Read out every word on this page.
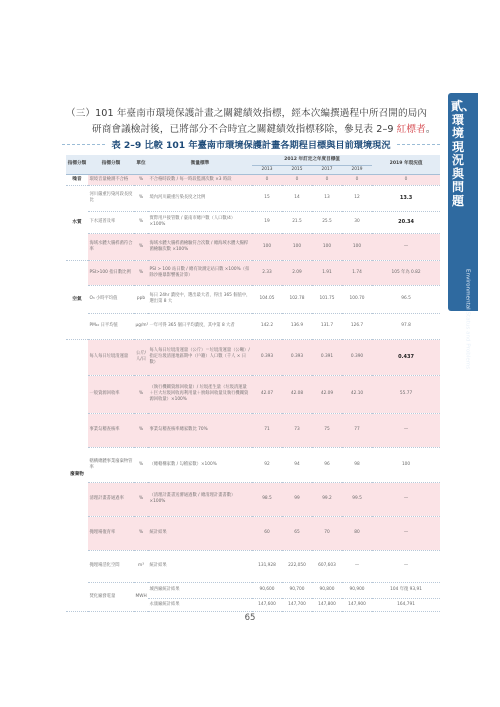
（三）101 年臺南市環境保護計畫之關鍵績效指標，經本次編撰過程中所召開的局內

研商會議檢討後，已將部分不合時宜之關鍵績效指標移除，參見表 2–9 紅標者。
表 2–9 比較 101 年臺南市環境保護計畫各期程目標與目前環境現況
貳、環境現況與問題
Environmental Status and Problems
指標分類	指標分類	單位	衡量標準	2012 年訂定之年度目標值				2019 年現況值
				2013	2015	2017	2019	
噪音	環境音量檢測不合格	%	不合格時段數 / 每一時段監測次數 ×3 時段	0	0	0	0	0
水質	河川嚴重污染河段長度比	%	境內河川嚴重污染長度之比例	15	14	13	12	13.3
	下水道普及率	%	實際用戶接管數 / 臺南市總戶數（人口數/4）×100%	19	21.5	25.5	30	20.34
	海域水體大腸桿菌符合率	%	海域水體大腸桿菌檢驗符合次數 / 總海域水體大腸桿菌檢驗次數 ×100%	100	100	100	100	—
空氣	PSI>100 指日數比例	%	PSI > 100 站日數 / 總有效測定站日數 ×100%（扣除沙塵暴影響後計算）	2.33	2.09	1.91	1.74	105 年為 0.82
	O₃ 小時平均值	ppb	每日 24hr 濃度中，選出最大者，得出 365 個值中，選出第 8 大	104.05	102.78	101.75	100.70	96.5
	PM₁₀ 日平均值	μg/m³	一年可得 365 個日平均濃度，其中第 8 大者	142.2	136.9	131.7	126.7	97.8
廢棄物	每人每日垃圾清運量	公斤/人/日	每人每日垃圾清運量（公斤）＝垃圾清運量（公噸）/ 指定垃圾清運地區期中（戶籍）人口數（千人 × 日數）	0.393	0.393	0.391	0.390	0.437
	一般資源回收率	%	（執行機關資源回收量）/ 垃圾產生量（垃圾清運量＋巨大垃圾回收再利用量＋廚餘回收量及執行機關資源回收量）×100%	42.07	42.08	42.09	42.10	55.77
	事業勾稽查核率	%	事業勾稽查核率總家數比 70%	71	73	75	77	—
	轄構總體事業廢棄物管率	%	（總轄構家數 / 勾稽家數）×100%	92	94	96	98	100
	清理計畫書通過率	%	（清理計畫書送審通過數 / 總清理計畫書數）×100%	98.5	99	99.2	99.5	—
	掩埋場復育率	%	統計結果	60	65	70	80	—
	掩埋場活化空間	m³	統計結果	131,928	222,050	607,603	—	—
	焚化廠發電量	MWH	城西廠統計結果	90,600	90,700	90,800	90,900	104 年復 93,91
			永康廠統計結果	147,600	147,700	147,800	147,900	164,791
65
